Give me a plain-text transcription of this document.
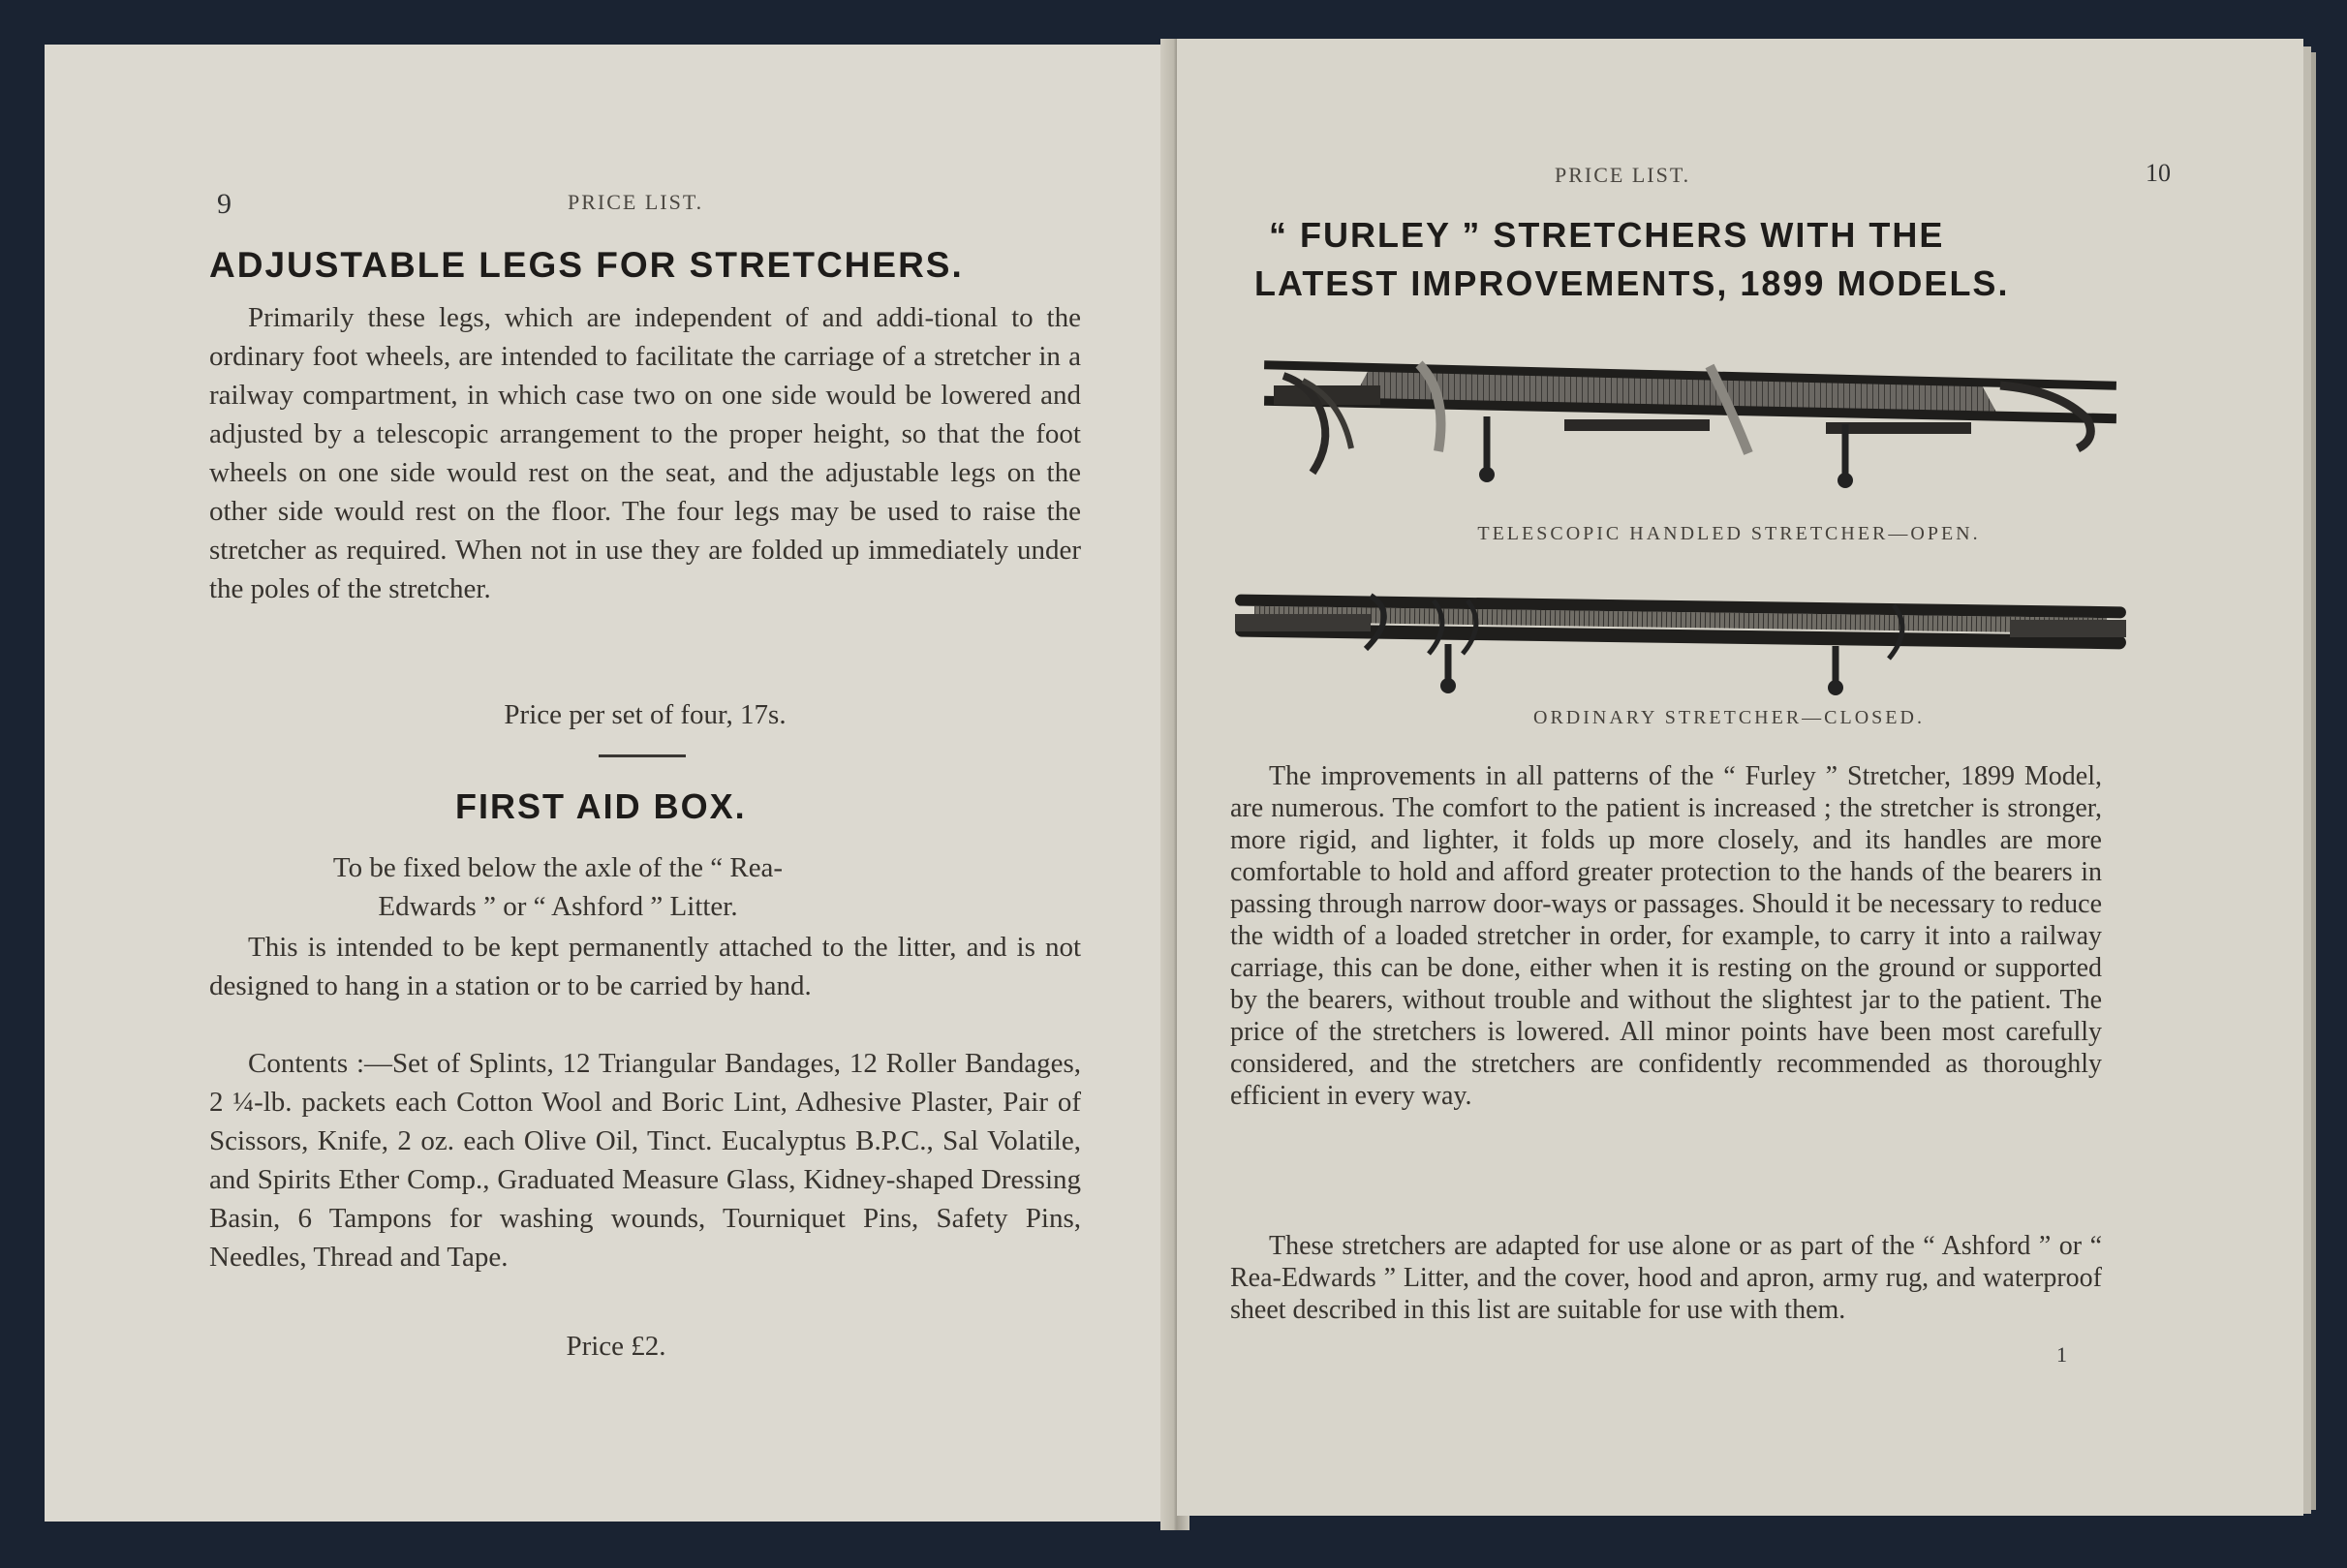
9	PRICE LIST.
ADJUSTABLE LEGS FOR STRETCHERS.
Primarily these legs, which are independent of and addi-tional to the ordinary foot wheels, are intended to facilitate the carriage of a stretcher in a railway compartment, in which case two on one side would be lowered and adjusted by a telescopic arrangement to the proper height, so that the foot wheels on one side would rest on the seat, and the adjustable legs on the other side would rest on the floor. The four legs may be used to raise the stretcher as required. When not in use they are folded up immediately under the poles of the stretcher.
Price per set of four, 17s.
FIRST AID BOX.
To be fixed below the axle of the “ Rea-Edwards ” or “ Ashford ” Litter.
This is intended to be kept permanently attached to the litter, and is not designed to hang in a station or to be carried by hand.
Contents :—Set of Splints, 12 Triangular Bandages, 12 Roller Bandages, 2 ¼-lb. packets each Cotton Wool and Boric Lint, Adhesive Plaster, Pair of Scissors, Knife, 2 oz. each Olive Oil, Tinct. Eucalyptus B.P.C., Sal Volatile, and Spirits Ether Comp., Graduated Measure Glass, Kidney-shaped Dressing Basin, 6 Tampons for washing wounds, Tourniquet Pins, Safety Pins, Needles, Thread and Tape.
Price £2.
PRICE LIST.	10
“ FURLEY ” STRETCHERS WITH THE
LATEST IMPROVEMENTS, 1899 MODELS.
TELESCOPIC HANDLED STRETCHER—OPEN.
ORDINARY STRETCHER—CLOSED.
The improvements in all patterns of the “ Furley ” Stretcher, 1899 Model, are numerous. The comfort to the patient is increased ; the stretcher is stronger, more rigid, and lighter, it folds up more closely, and its handles are more comfortable to hold and afford greater protection to the hands of the bearers in passing through narrow door-ways or passages. Should it be necessary to reduce the width of a loaded stretcher in order, for example, to carry it into a railway carriage, this can be done, either when it is resting on the ground or supported by the bearers, without trouble and without the slightest jar to the patient. The price of the stretchers is lowered. All minor points have been most carefully considered, and the stretchers are confidently recommended as thoroughly efficient in every way.
These stretchers are adapted for use alone or as part of the “ Ashford ” or “ Rea-Edwards ” Litter, and the cover, hood and apron, army rug, and waterproof sheet described in this list are suitable for use with them.
1
